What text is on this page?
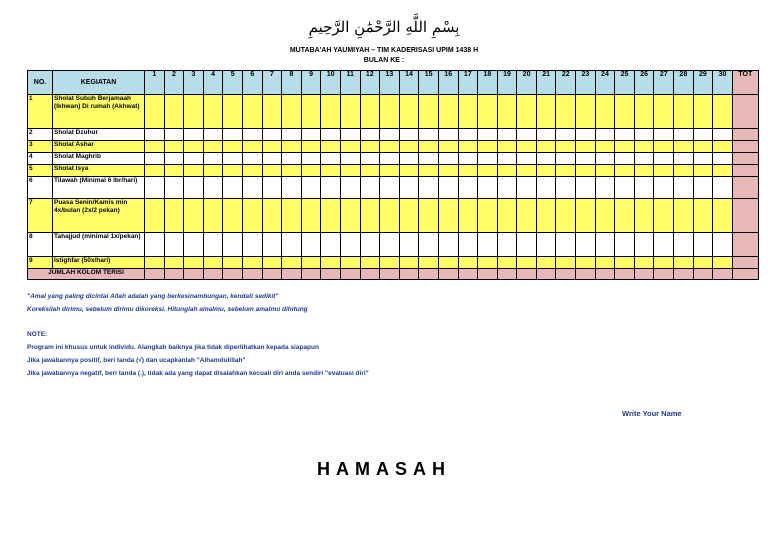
بِسْمِ اللَّهِ الرَّحْمَٰنِ الرَّحِيمِ
MUTABA'AH YAUMIYAH – TIM KADERISASI UPIM 1438 H
BULAN KE :
NO.	KEGIATAN	1	2	3	4	5	6	7	8	9	10	11	12	13	14	15	16	17	18	19	20	21	22	23	24	25	26	27	28	29	30	TOT
1	Sholat Subuh Berjamaah (Ikhwan) Di rumah (Akhwat)																															
2	Sholat Dzuhur																															
3	Sholat Ashar																															
4	Sholat Maghrib																															
5	Sholat Isya																															
6	Tilawah (Minimal 6 lbr/hari)																															
7	Puasa Senin/Kamis min 4x/bulan (2x/2 pekan)																															
8	Tahajjud (minimal 1x/pekan)																															
9	Istighfar (50x/hari)																															
JUMLAH KOLOM TERISI																																
"Amal yang paling dicintai Allah adalah yang berkesinambungan, kendati sedikit"
Koreksilah dirimu, sebelum dirimu dikoreksi. Hitunglah amalmu, sebelum amalmu dihitung
NOTE:
Program ini khusus untuk individu. Alangkah baiknya jika tidak diperlihatkan kepada siapapun
Jika jawabannya positif, beri tanda (√) dan ucapkanlah "Alhamdulillah"
Jika jawabannya negatif, beri tanda (.), tidak ada yang dapat disalahkan kecuali diri anda sendiri "evaluasi diri"
Write Your Name
HAMASAH
